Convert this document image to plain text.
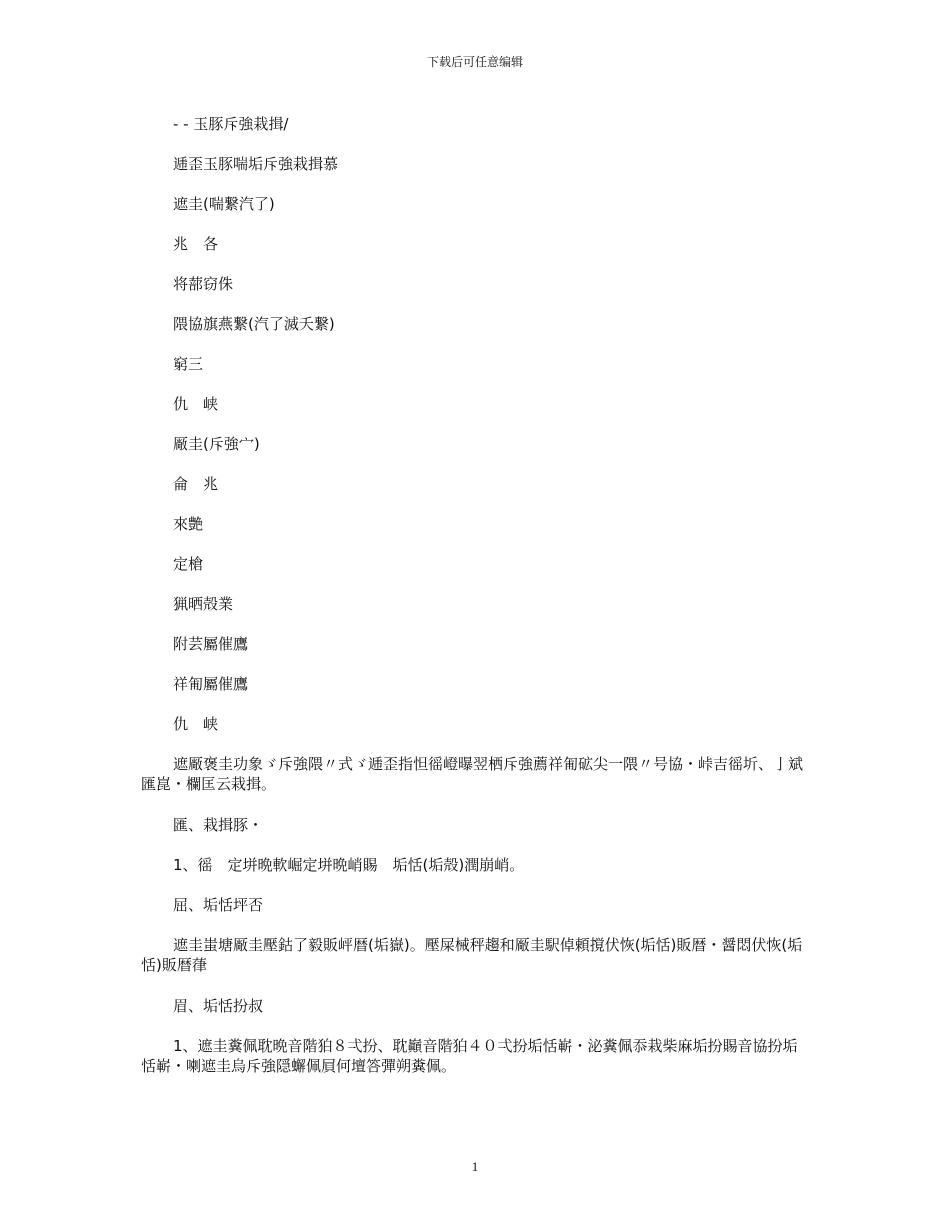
下载后可任意编辑

- - 玉豚斥強栽揖/

逓歪玉豚喘垢斥強栽揖慕

遮圭(喘繋汽了)

兆　各

将蔀窃侏

隈協旗燕繋(汽了滅夭繋)

窮三

仇　峡

厰圭(斥強宀)

侖　兆

來艶

定槍

猟晒殻業

附芸屬催鷹

祥匍屬催鷹

仇　峡

遮厰褒圭功象ゞ斥強隈〃式ゞ逓歪指怛徭嶝曝翌栖斥強薦祥匍砿尖一隈〃号協・峠吉徭圻、亅斌匯崑・欄匡云栽揖。

匯、栽揖豚・

1、徭　定垪晩軟崛定垪晩峭賜　垢恬(垢殻)潤崩峭。

屈、垢恬坪否

遮圭蚩塘厰圭壓鈷了毅販岼暦(垢嶽)。壓屎械秤趨和厰圭駅倬頼撹伏恢(垢恬)販暦・醤悶伏恢(垢恬)販暦葎

眉、垢恬扮叔

1、遮圭糞佩耽晩音階狛８弌扮、耽巓音階狛４０弌扮垢恬嶄・泌糞佩忝栽柴麻垢扮賜音協扮垢恬嶄・喇遮圭烏斥強隠蠏佩屓何壇答彈朔糞佩。

1
